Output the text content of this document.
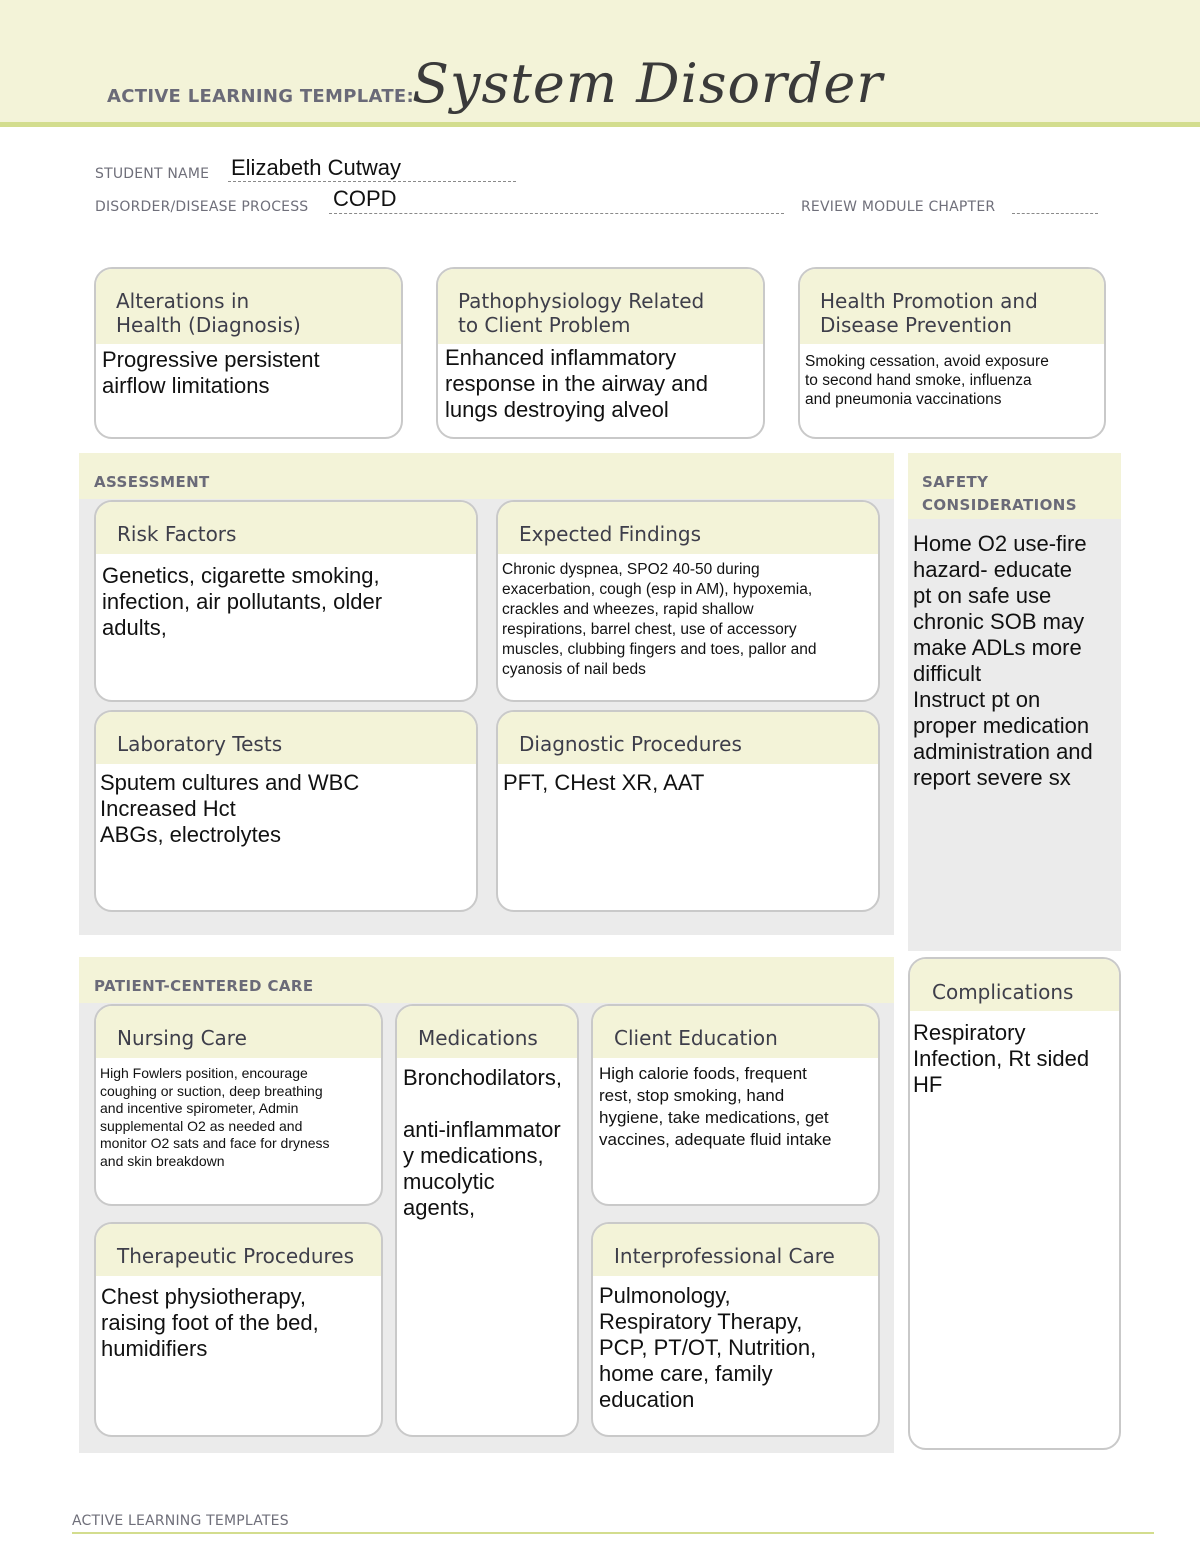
ACTIVE LEARNING TEMPLATE:
System Disorder
STUDENT NAME Elizabeth Cutway
DISORDER/DISEASE PROCESS COPD	REVIEW MODULE CHAPTER
Alterations in
Health (Diagnosis)
Progressive persistent
airflow limitations
Pathophysiology Related
to Client Problem
Enhanced inflammatory
response in the airway and
lungs destroying alveol
Health Promotion and
Disease Prevention
Smoking cessation, avoid exposure
to second hand smoke, influenza
and pneumonia vaccinations
ASSESSMENT
Risk Factors
Genetics, cigarette smoking,
infection, air pollutants, older
adults,
Expected Findings
Chronic dyspnea, SPO2 40-50 during
exacerbation, cough (esp in AM), hypoxemia,
crackles and wheezes, rapid shallow
respirations, barrel chest, use of accessory
muscles, clubbing fingers and toes, pallor and
cyanosis of nail beds
Laboratory Tests
Sputem cultures and WBC
Increased Hct
ABGs, electrolytes
Diagnostic Procedures
PFT, CHest XR, AAT
SAFETY
CONSIDERATIONS
Home O2 use-fire
hazard- educate
pt on safe use
chronic SOB may
make ADLs more
difficult
Instruct pt on
proper medication
administration and
report severe sx
PATIENT-CENTERED CARE
Nursing Care
High Fowlers position, encourage
coughing or suction, deep breathing
and incentive spirometer, Admin
supplemental O2 as needed and
monitor O2 sats and face for dryness
and skin breakdown
Medications
Bronchodilators,

anti-inflammator
y medications,
mucolytic
agents,
Client Education
High calorie foods, frequent
rest, stop smoking, hand
hygiene, take medications, get
vaccines, adequate fluid intake
Therapeutic Procedures
Chest physiotherapy,
raising foot of the bed,
humidifiers
Interprofessional Care
Pulmonology,
Respiratory Therapy,
PCP, PT/OT, Nutrition,
home care, family
education
Complications
Respiratory
Infection, Rt sided
HF
ACTIVE LEARNING TEMPLATES
